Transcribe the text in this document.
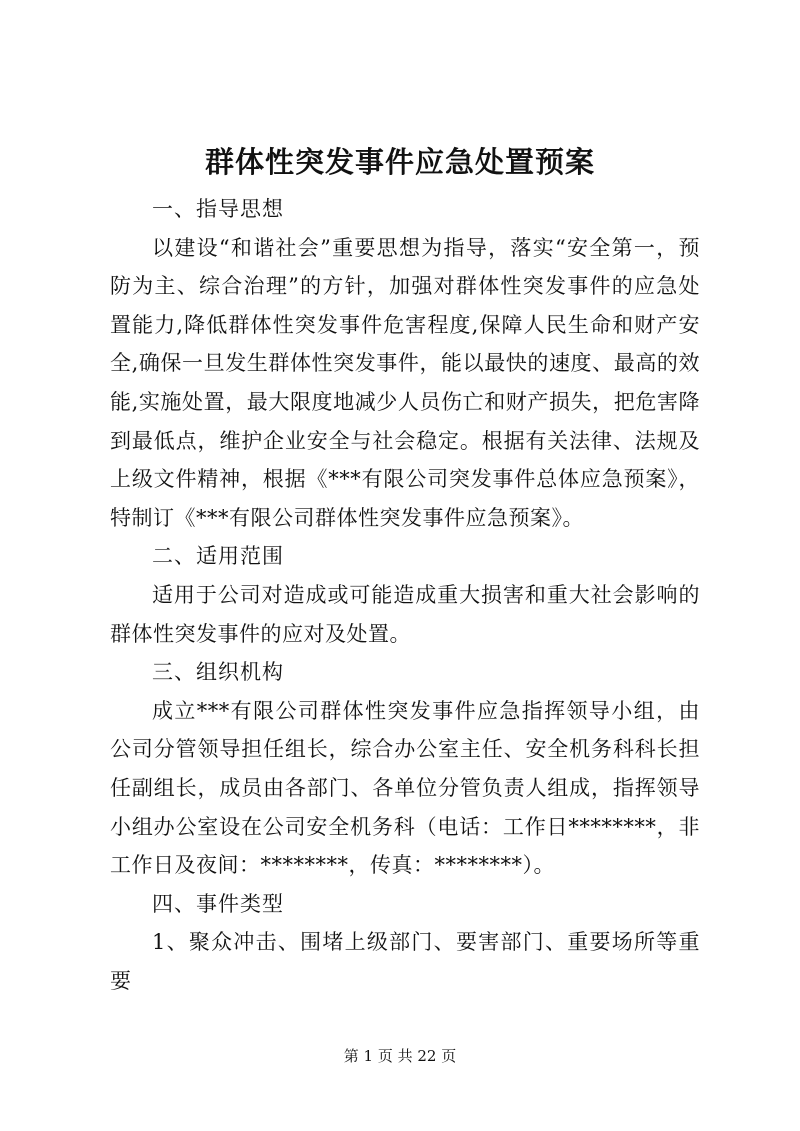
群体性突发事件应急处置预案

一、指导思想

以建设“和谐社会”重要思想为指导，落实“安全第一，预防为主、综合治理”的方针，加强对群体性突发事件的应急处置能力,降低群体性突发事件危害程度,保障人民生命和财产安全,确保一旦发生群体性突发事件，能以最快的速度、最高的效能,实施处置，最大限度地减少人员伤亡和财产损失，把危害降到最低点，维护企业安全与社会稳定。根据有关法律、法规及上级文件精神，根据《***有限公司突发事件总体应急预案》，特制订《***有限公司群体性突发事件应急预案》。

二、适用范围

适用于公司对造成或可能造成重大损害和重大社会影响的群体性突发事件的应对及处置。

三、组织机构

成立***有限公司群体性突发事件应急指挥领导小组，由公司分管领导担任组长，综合办公室主任、安全机务科科长担任副组长，成员由各部门、各单位分管负责人组成，指挥领导小组办公室设在公司安全机务科（电话：工作日********，非工作日及夜间：********，传真：********）。

四、事件类型

1、聚众冲击、围堵上级部门、要害部门、重要场所等重要

第 1 页 共 22 页
